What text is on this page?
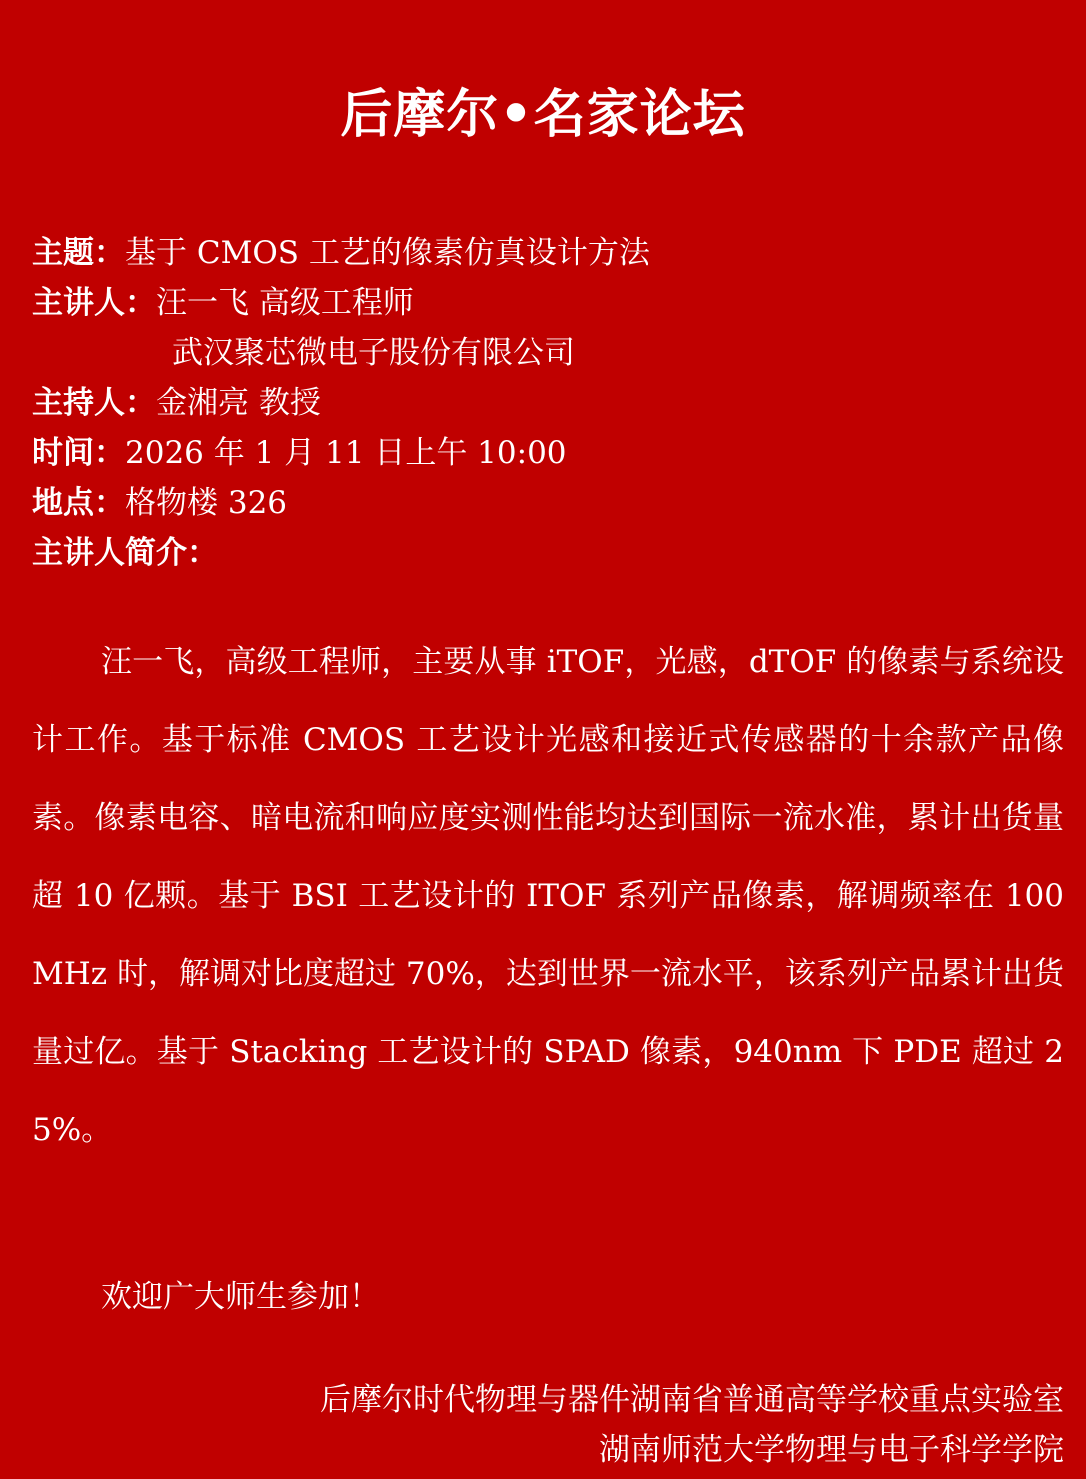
后摩尔•名家论坛
主题： 基于 CMOS 工艺的像素仿真设计方法
主讲人： 汪一飞 高级工程师
武汉聚芯微电子股份有限公司
主持人： 金湘亮 教授
时间： 2026 年 1 月 11 日上午 10:00
地点： 格物楼 326
主讲人简介：
汪一飞，高级工程师，主要从事 iTOF，光感，dTOF 的像素与系统设计工作。基于标准 CMOS 工艺设计光感和接近式传感器的十余款产品像素。像素电容、暗电流和响应度实测性能均达到国际一流水准，累计出货量超 10 亿颗。基于 BSI 工艺设计的 ITOF 系列产品像素，解调频率在 100MHz 时，解调对比度超过 70%，达到世界一流水平，该系列产品累计出货量过亿。基于 Stacking 工艺设计的 SPAD 像素，940nm 下 PDE 超过 25%。
欢迎广大师生参加！
后摩尔时代物理与器件湖南省普通高等学校重点实验室
湖南师范大学物理与电子科学学院
